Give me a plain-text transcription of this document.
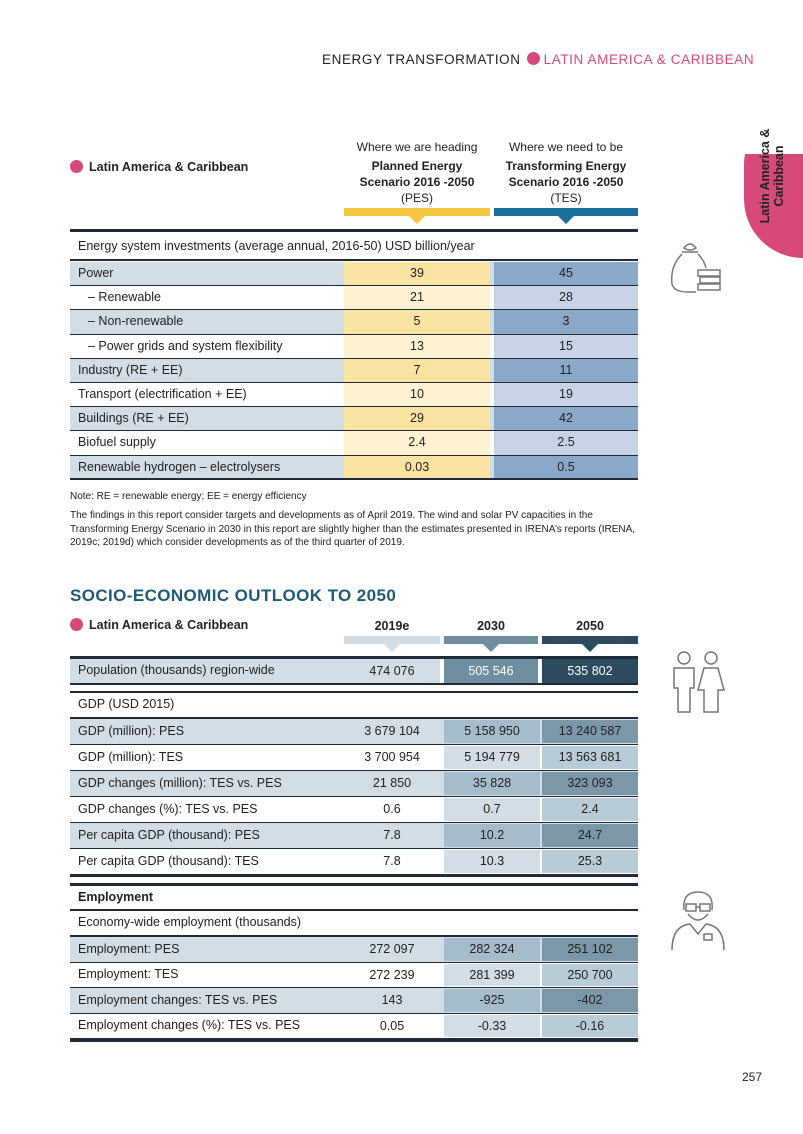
ENERGY TRANSFORMATION LATIN AMERICA & CARIBBEAN
Latin America & Caribbean
Latin America & Caribbean
Where we are heading
Planned Energy
Scenario 2016 -2050
(PES)
Where we need to be
Transforming Energy
Scenario 2016 -2050
(TES)
Energy system investments (average annual, 2016-50) USD billion/year
Power	39	45
– Renewable	21	28
– Non-renewable	5	3
– Power grids and system flexibility	13	15
Industry (RE + EE)	7	11
Transport (electrification + EE)	10	19
Buildings (RE + EE)	29	42
Biofuel supply	2.4	2.5
Renewable hydrogen – electrolysers	0.03	0.5
Note: RE = renewable energy; EE = energy efficiency
The findings in this report consider targets and developments as of April 2019. The wind and solar PV capacities in the Transforming Energy Scenario in 2030 in this report are slightly higher than the estimates presented in IRENA’s reports (IRENA, 2019c; 2019d) which consider developments as of the third quarter of 2019.
SOCIO-ECONOMIC OUTLOOK TO 2050
Latin America & Caribbean	2019e	2030	2050
Population (thousands) region-wide	474 076	505 546	535 802
GDP (USD 2015)
GDP (million): PES	3 679 104	5 158 950	13 240 587
GDP (million): TES	3 700 954	5 194 779	13 563 681
GDP changes (million): TES vs. PES	21 850	35 828	323 093
GDP changes (%): TES vs. PES	0.6	0.7	2.4
Per capita GDP (thousand): PES	7.8	10.2	24.7
Per capita GDP (thousand): TES	7.8	10.3	25.3
Employment
Economy-wide employment (thousands)
Employment: PES	272 097	282 324	251 102
Employment: TES	272 239	281 399	250 700
Employment changes: TES vs. PES	143	-925	-402
Employment changes (%): TES vs. PES	0.05	-0.33	-0.16
257
